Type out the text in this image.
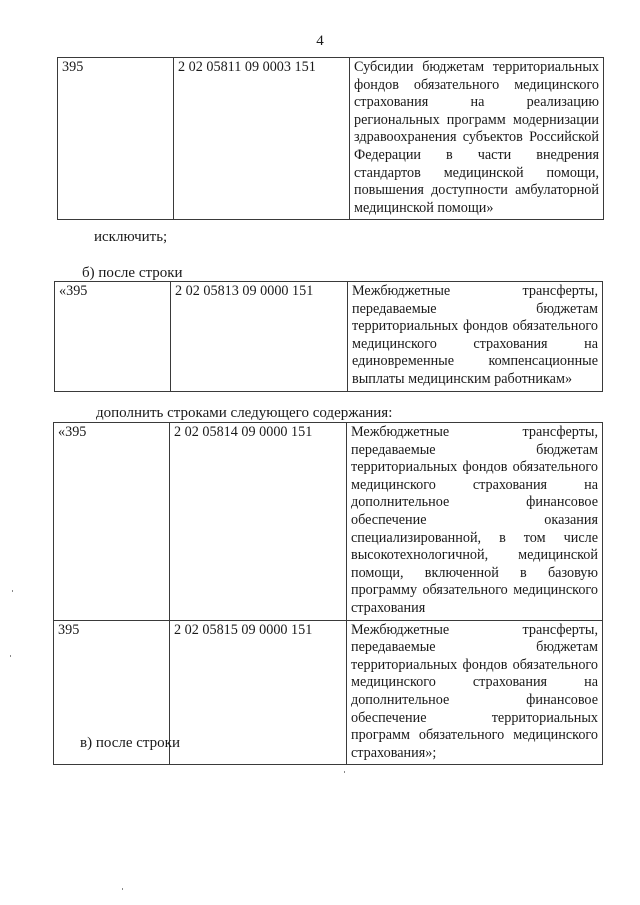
4
395	2 02 05811 09 0003 151	Субсидии бюджетам территориальных фондов обязательного медицинского страхования на реализацию региональных программ модернизации здравоохранения субъектов Российской Федерации в части внедрения стандартов медицинской помощи, повышения доступности амбулаторной медицинской помощи»
исключить;
б) после строки
«395	2 02 05813 09 0000 151	Межбюджетные трансферты, передаваемые бюджетам территориальных фондов обязательного медицинского страхования на единовременные компенсационные выплаты медицинским работникам»
дополнить строками следующего содержания:
«395	2 02 05814 09 0000 151	Межбюджетные трансферты, передаваемые бюджетам территориальных фондов обязательного медицинского страхования на дополнительное финансовое обеспечение оказания специализированной, в том числе высокотехнологичной, медицинской помощи, включенной в базовую программу обязательного медицинского страхования
395	2 02 05815 09 0000 151	Межбюджетные трансферты, передаваемые бюджетам территориальных фондов обязательного медицинского страхования на дополнительное финансовое обеспечение территориальных программ обязательного медицинского страхования»;
в) после строки
